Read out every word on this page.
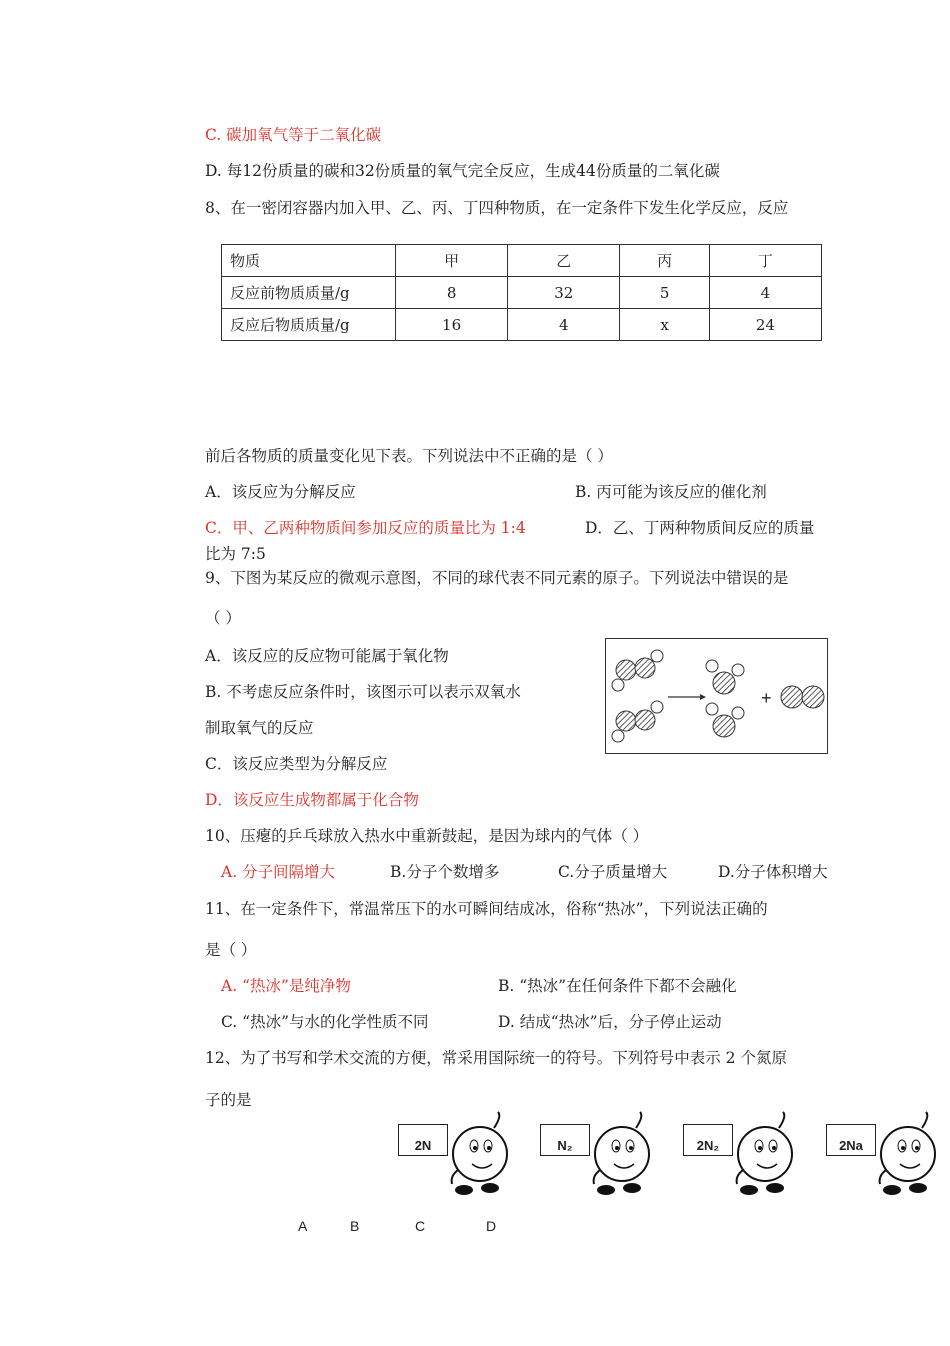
C. 碳加氧气等于二氧化碳
D. 每12份质量的碳和32份质量的氧气完全反应，生成44份质量的二氧化碳
8、在一密闭容器内加入甲、乙、丙、丁四种物质，在一定条件下发生化学反应，反应
物质	甲	乙	丙	丁
反应前物质质量/g	8	32	5	4
反应后物质质量/g	16	4	x	24
前后各物质的质量变化见下表。下列说法中不正确的是（ ）
A．该反应为分解反应	B. 丙可能为该反应的催化剂
C．甲、乙两种物质间参加反应的质量比为 1:4	D．乙、丁两种物质间反应的质量
比为 7:5
9、下图为某反应的微观示意图，不同的球代表不同元素的原子。下列说法中错误的是
（ ）
A．该反应的反应物可能属于氧化物
B. 不考虑反应条件时，该图示可以表示双氧水
制取氧气的反应
C．该反应类型为分解反应
D．该反应生成物都属于化合物
+
10、压瘪的乒乓球放入热水中重新鼓起，是因为球内的气体（ ）
A. 分子间隔增大	B.分子个数增多	C.分子质量增大	D.分子体积增大
11、在一定条件下，常温常压下的水可瞬间结成冰，俗称“热冰”，下列说法正确的
是（ ）
A. “热冰”是纯净物	B. “热冰”在任何条件下都不会融化
C. “热冰”与水的化学性质不同	D. 结成“热冰”后，分子停止运动
12、为了书写和学术交流的方便，常采用国际统一的符号。下列符号中表示 2 个氮原
子的是
2N	N₂	2N₂	2Na
A	B	C	D
